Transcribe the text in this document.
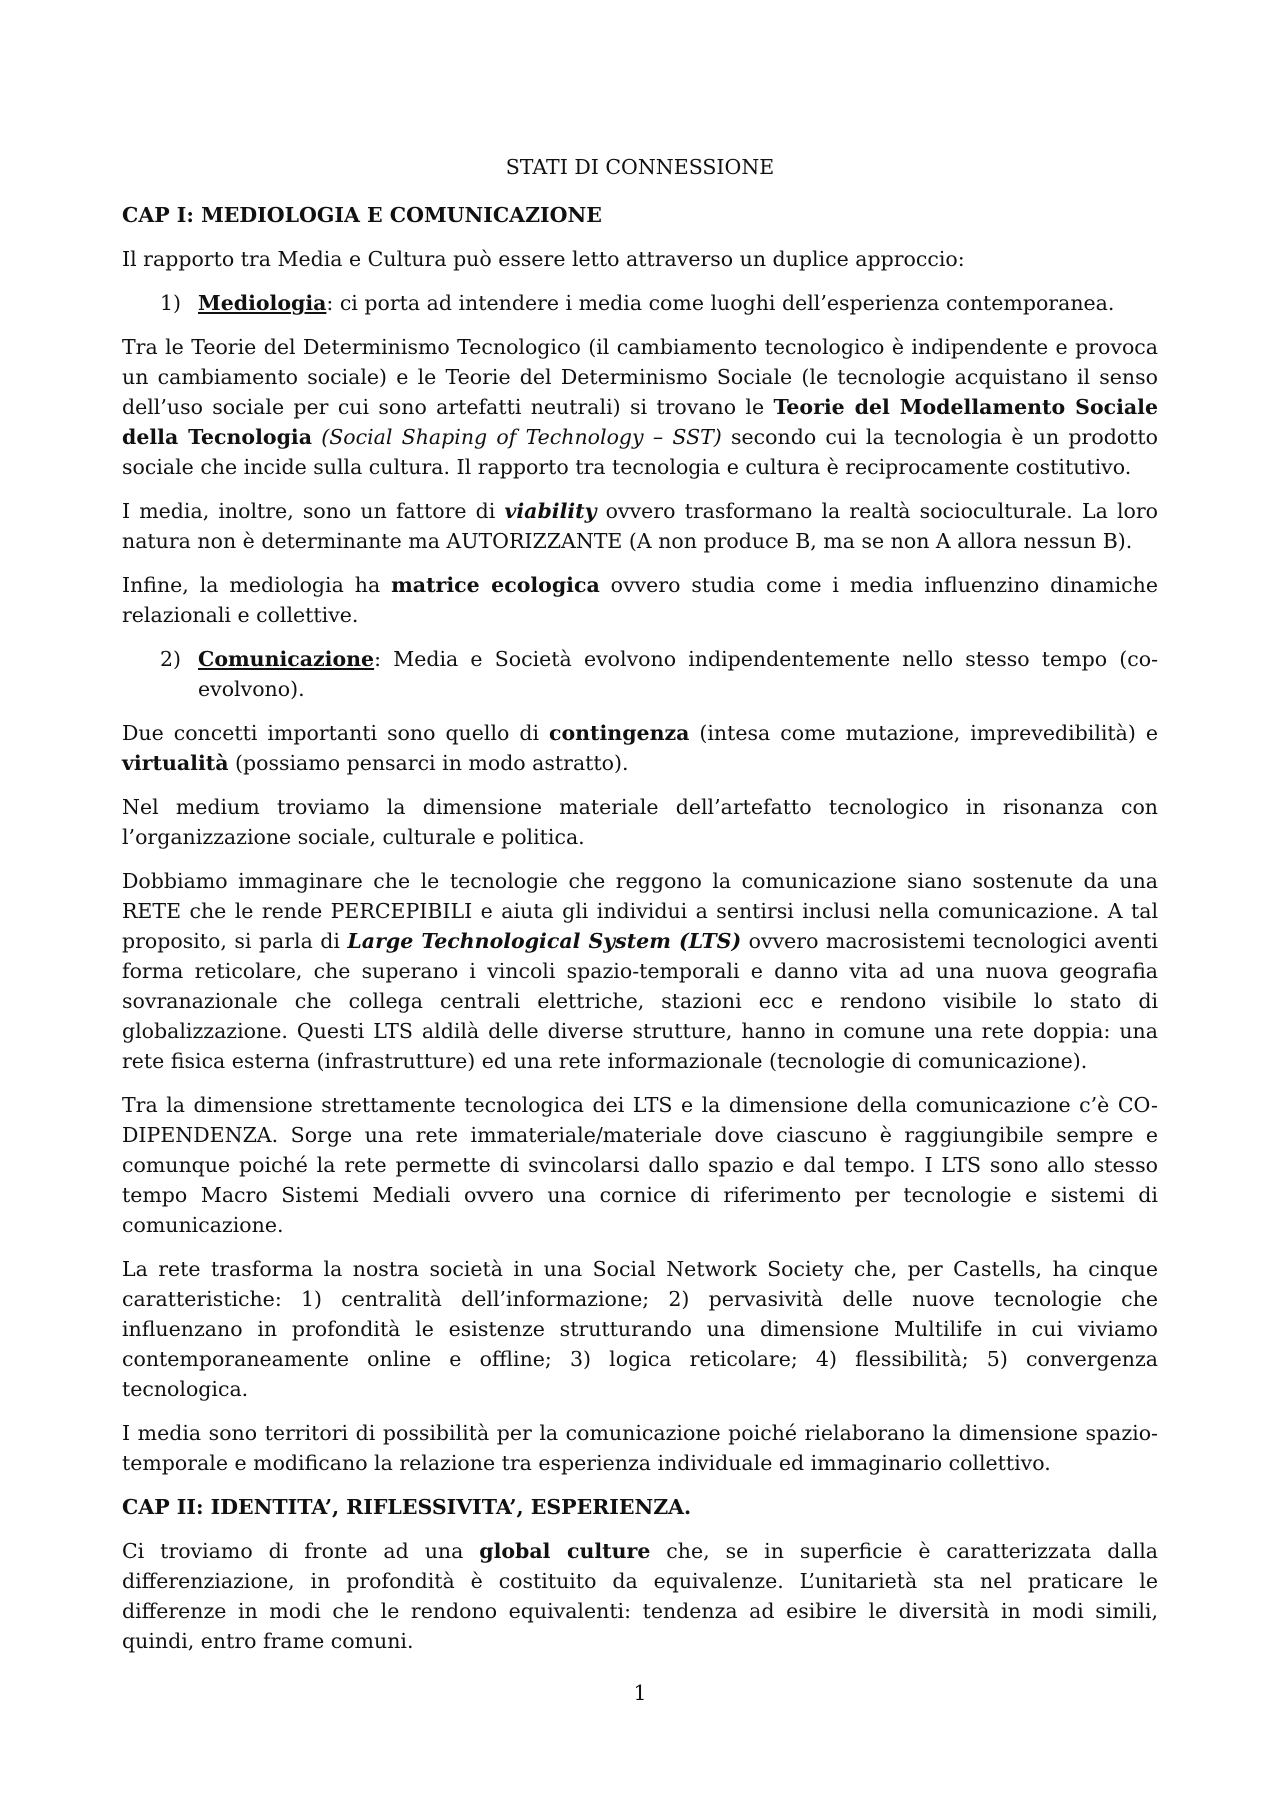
STATI DI CONNESSIONE
CAP I: MEDIOLOGIA E COMUNICAZIONE

Il rapporto tra Media e Cultura può essere letto attraverso un duplice approccio:

1) Mediologia: ci porta ad intendere i media come luoghi dell’esperienza contemporanea.

Tra le Teorie del Determinismo Tecnologico (il cambiamento tecnologico è indipendente e provoca un cambiamento sociale) e le Teorie del Determinismo Sociale (le tecnologie acquistano il senso dell’uso sociale per cui sono artefatti neutrali) si trovano le Teorie del Modellamento Sociale della Tecnologia (Social Shaping of Technology – SST) secondo cui la tecnologia è un prodotto sociale che incide sulla cultura. Il rapporto tra tecnologia e cultura è reciprocamente costitutivo.

I media, inoltre, sono un fattore di viability ovvero trasformano la realtà socioculturale. La loro natura non è determinante ma AUTORIZZANTE (A non produce B, ma se non A allora nessun B).

Infine, la mediologia ha matrice ecologica ovvero studia come i media influenzino dinamiche relazionali e collettive.

2) Comunicazione: Media e Società evolvono indipendentemente nello stesso tempo (co-evolvono).

Due concetti importanti sono quello di contingenza (intesa come mutazione, imprevedibilità) e virtualità (possiamo pensarci in modo astratto).

Nel medium troviamo la dimensione materiale dell’artefatto tecnologico in risonanza con l’organizzazione sociale, culturale e politica.

Dobbiamo immaginare che le tecnologie che reggono la comunicazione siano sostenute da una RETE che le rende PERCEPIBILI e aiuta gli individui a sentirsi inclusi nella comunicazione. A tal proposito, si parla di Large Technological System (LTS) ovvero macrosistemi tecnologici aventi forma reticolare, che superano i vincoli spazio-temporali e danno vita ad una nuova geografia sovranazionale che collega centrali elettriche, stazioni ecc e rendono visibile lo stato di globalizzazione. Questi LTS aldilà delle diverse strutture, hanno in comune una rete doppia: una rete fisica esterna (infrastrutture) ed una rete informazionale (tecnologie di comunicazione).

Tra la dimensione strettamente tecnologica dei LTS e la dimensione della comunicazione c’è CO-DIPENDENZA. Sorge una rete immateriale/materiale dove ciascuno è raggiungibile sempre e comunque poiché la rete permette di svincolarsi dallo spazio e dal tempo. I LTS sono allo stesso tempo Macro Sistemi Mediali ovvero una cornice di riferimento per tecnologie e sistemi di comunicazione.

La rete trasforma la nostra società in una Social Network Society che, per Castells, ha cinque caratteristiche: 1) centralità dell’informazione; 2) pervasività delle nuove tecnologie che influenzano in profondità le esistenze strutturando una dimensione Multilife in cui viviamo contemporaneamente online e offline; 3) logica reticolare; 4) flessibilità; 5) convergenza tecnologica.

I media sono territori di possibilità per la comunicazione poiché rielaborano la dimensione spazio-temporale e modificano la relazione tra esperienza individuale ed immaginario collettivo.

CAP II: IDENTITA’, RIFLESSIVITA’, ESPERIENZA.

Ci troviamo di fronte ad una global culture che, se in superficie è caratterizzata dalla differenziazione, in profondità è costituito da equivalenze. L’unitarietà sta nel praticare le differenze in modi che le rendono equivalenti: tendenza ad esibire le diversità in modi simili, quindi, entro frame comuni.

1
